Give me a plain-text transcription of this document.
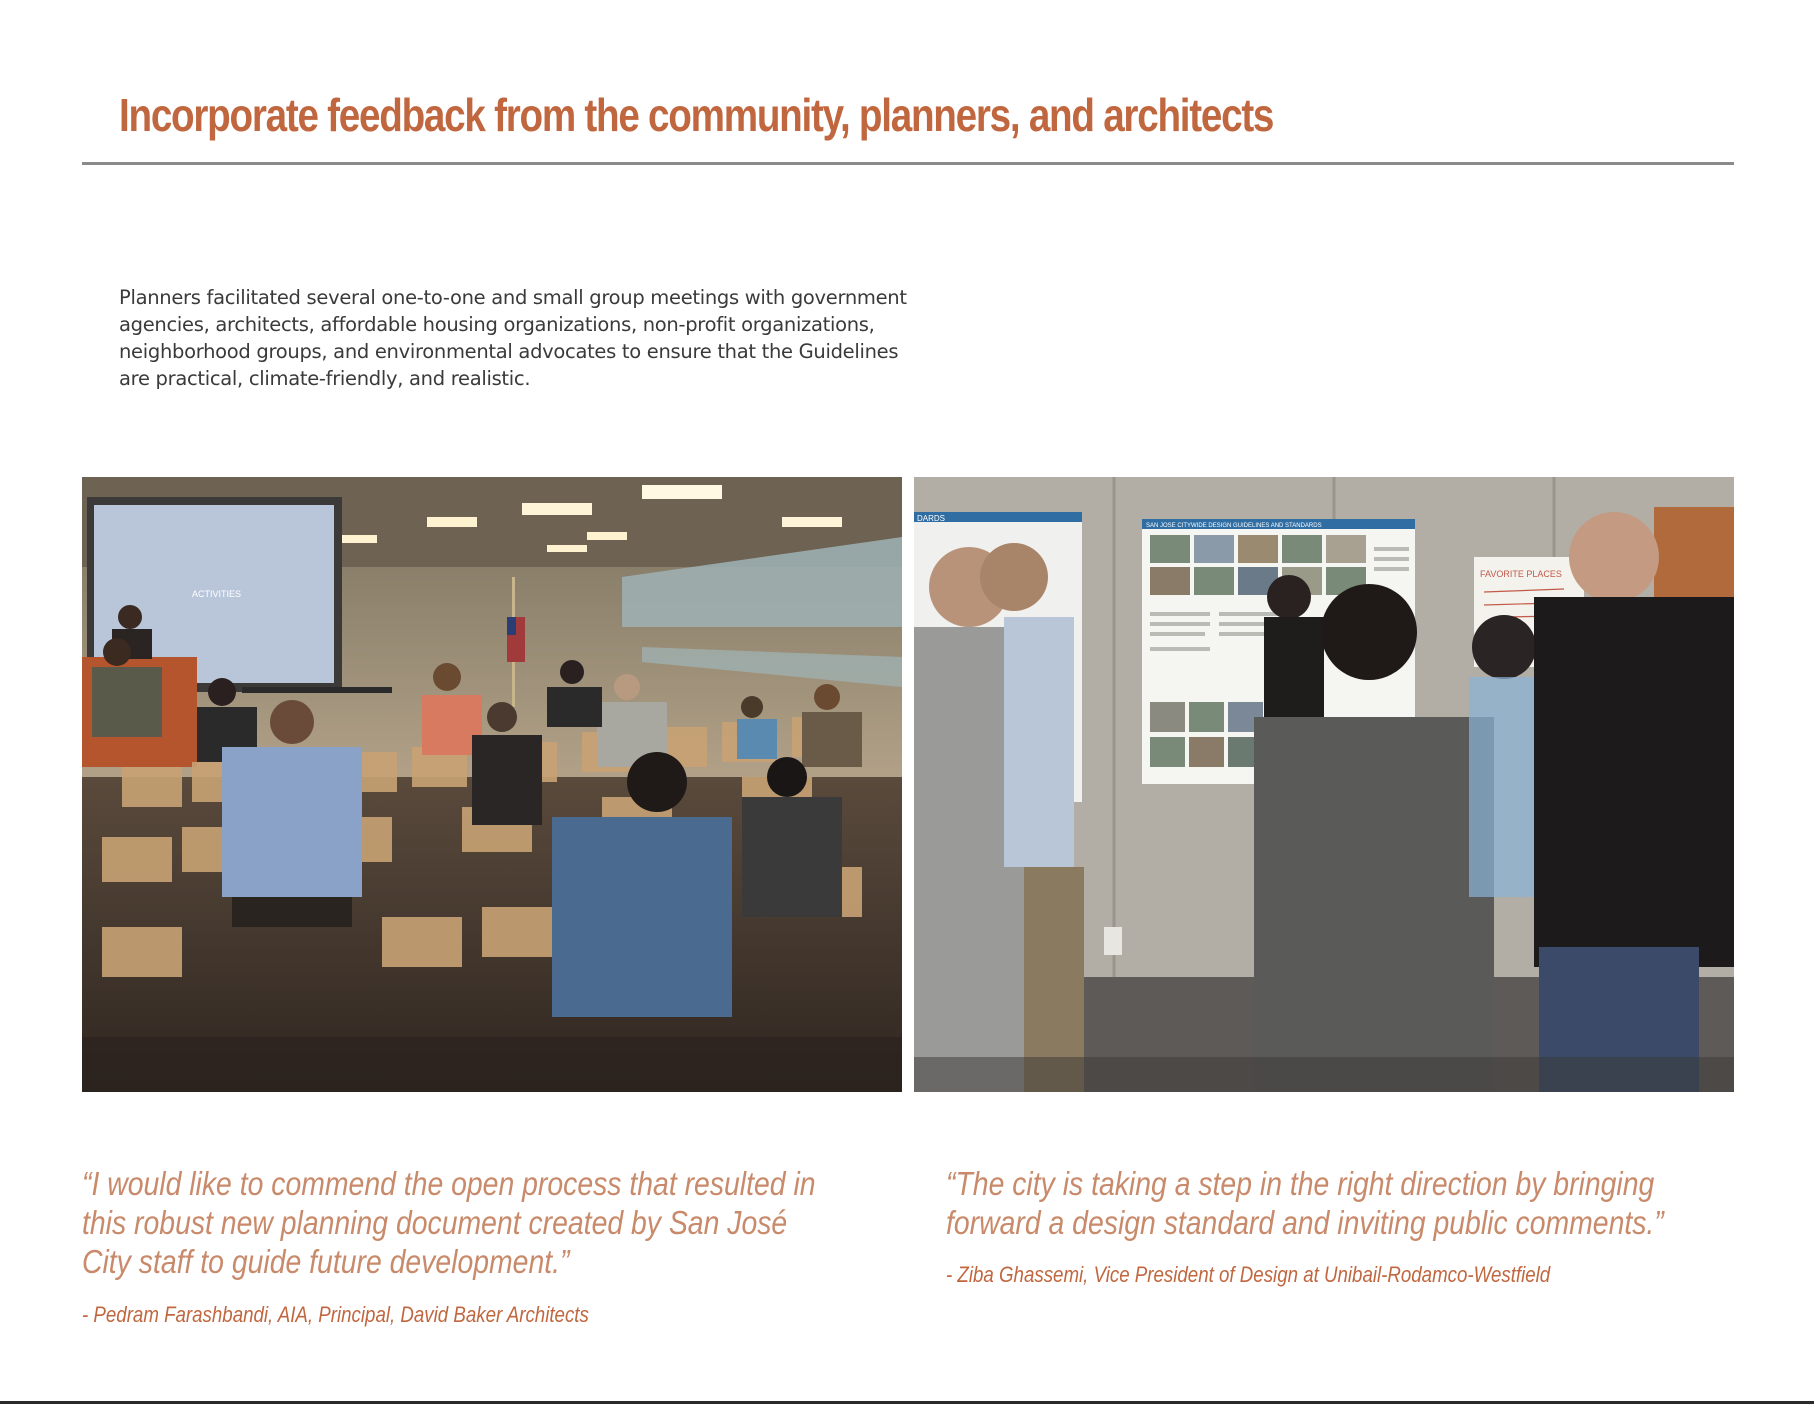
Incorporate feedback from the community, planners, and architects

Planners facilitated several one-to-one and small group meetings with government agencies, architects, affordable housing organizations, non-profit organizations, neighborhood groups, and environmental advocates to ensure that the Guidelines are practical, climate-friendly, and realistic.

ACTIVITIES
DARDS
SAN JOSE CITYWIDE DESIGN GUIDELINES AND STANDARDS
FAVORITE PLACES

“I would like to commend the open process that resulted in this robust new planning document created by San José City staff to guide future development.”

- Pedram Farashbandi, AIA, Principal, David Baker Architects

“The city is taking a step in the right direction by bringing forward a design standard and inviting public comments.”

- Ziba Ghassemi, Vice President of Design at Unibail-Rodamco-Westfield
